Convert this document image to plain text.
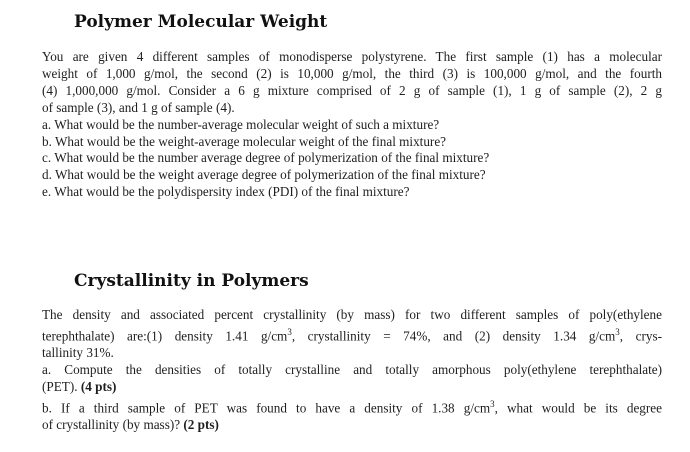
Polymer Molecular Weight
You are given 4 different samples of monodisperse polystyrene. The first sample (1) has a molecular
weight of 1,000 g/mol, the second (2) is 10,000 g/mol, the third (3) is 100,000 g/mol, and the fourth
(4) 1,000,000 g/mol. Consider a 6 g mixture comprised of 2 g of sample (1), 1 g of sample (2), 2 g
of sample (3), and 1 g of sample (4).
a. What would be the number-average molecular weight of such a mixture?
b. What would be the weight-average molecular weight of the final mixture?
c. What would be the number average degree of polymerization of the final mixture?
d. What would be the weight average degree of polymerization of the final mixture?
e. What would be the polydispersity index (PDI) of the final mixture?
Crystallinity in Polymers
The density and associated percent crystallinity (by mass) for two different samples of poly(ethylene
terephthalate) are:(1) density 1.41 $g/cm^3$, crystallinity = 74%, and (2) density 1.34 $g/cm^3$, crys-
tallinity 31%.
a. Compute the densities of totally crystalline and totally amorphous poly(ethylene terephthalate)
(PET). (4 pts)
b. If a third sample of PET was found to have a density of 1.38 $g/cm^3$, what would be its degree
of crystallinity (by mass)? (2 pts)
